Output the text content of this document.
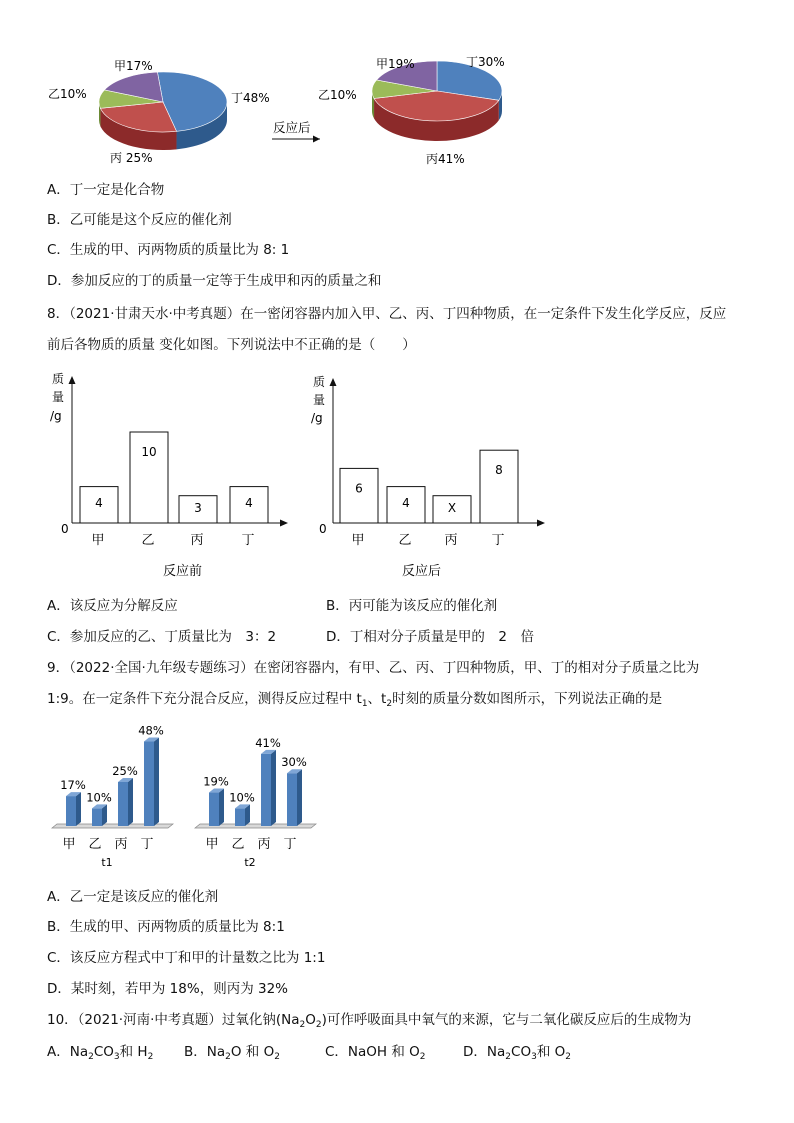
丁48%
丙 25%
乙10%
甲17%	丁30%
丙41%
乙10%
甲19%
反应后
A．丁一定是化合物
B．乙可能是这个反应的催化剂
C．生成的甲、丙两物质的质量比为 8: 1
D．参加反应的丁的质量一定等于生成甲和丙的质量之和
8．（2021·甘肃天水·中考真题）在一密闭容器内加入甲、乙、丙、丁四种物质，在一定条件下发生化学反应，反应
前后各物质的质量 变化如图。下列说法中不正确的是（　　）
质
量
/g
0
4
甲
10
乙
3
丙
4
丁
反应前
质
量
/g
0
6
甲
4
乙
X
丙
8
丁
反应后
A．该反应为分解反应	B．丙可能为该反应的催化剂
C．参加反应的乙、丁质量比为　3：2	D．丁相对分子质量是甲的　2　倍
9．（2022·全国·九年级专题练习）在密闭容器内，有甲、乙、丙、丁四种物质，甲、丁的相对分子质量之比为
1:9。在一定条件下充分混合反应，测得反应过程中 $t_1$、$t_2$时刻的质量分数如图所示，下列说法正确的是
17%
甲
10%
乙
25%
丙
48%
丁
t1
19%
甲
10%
乙
41%
丙
30%
丁
t2
A．乙一定是该反应的催化剂
B．生成的甲、丙两物质的质量比为 8:1
C．该反应方程式中丁和甲的计量数之比为 1:1
D．某时刻，若甲为 18%，则丙为 32%
10．（2021·河南·中考真题）过氧化钠$(Na_2O_2)$可作呼吸面具中氧气的来源，它与二氧化碳反应后的生成物为
A．$Na_2CO_3$和 $H_2$ B．$Na_2O$ 和 $O_2$	C．NaOH 和 $O_2$	D．$Na_2CO_3$和 $O_2$
